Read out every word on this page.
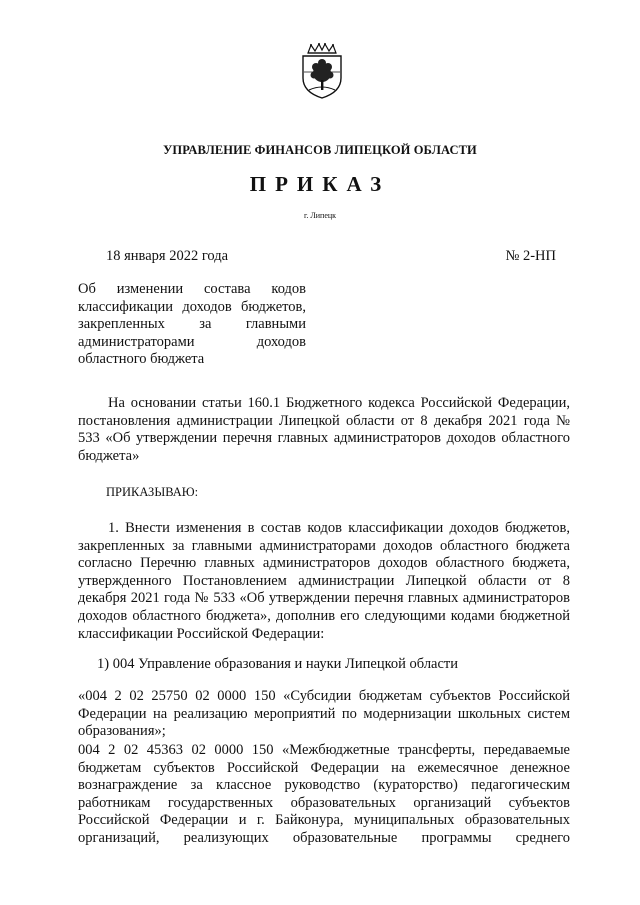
УПРАВЛЕНИЕ ФИНАНСОВ ЛИПЕЦКОЙ ОБЛАСТИ
ПРИКАЗ
г. Липецк
18 января 2022 года	№ 2-НП
Об изменении состава кодов классификации доходов бюджетов, закрепленных за главными администраторами доходов областного бюджета
На основании статьи 160.1 Бюджетного кодекса Российской Федерации, постановления администрации Липецкой области от 8 декабря 2021 года № 533 «Об утверждении перечня главных администраторов доходов областного бюджета»
ПРИКАЗЫВАЮ:
1. Внести изменения в состав кодов классификации доходов бюджетов, закрепленных за главными администраторами доходов областного бюджета согласно Перечню главных администраторов доходов областного бюджета, утвержденного Постановлением администрации Липецкой области от 8 декабря 2021 года № 533 «Об утверждении перечня главных администраторов доходов областного бюджета», дополнив его следующими кодами бюджетной классификации Российской Федерации:
1) 004 Управление образования и науки Липецкой области
«004 2 02 25750 02 0000 150 «Субсидии бюджетам субъектов Российской Федерации на реализацию мероприятий по модернизации школьных систем образования»;
004 2 02 45363 02 0000 150 «Межбюджетные трансферты, передаваемые бюджетам субъектов Российской Федерации на ежемесячное денежное вознаграждение за классное руководство (кураторство) педагогическим работникам государственных образовательных организаций субъектов Российской Федерации и г. Байконура, муниципальных образовательных организаций, реализующих образовательные программы среднего
